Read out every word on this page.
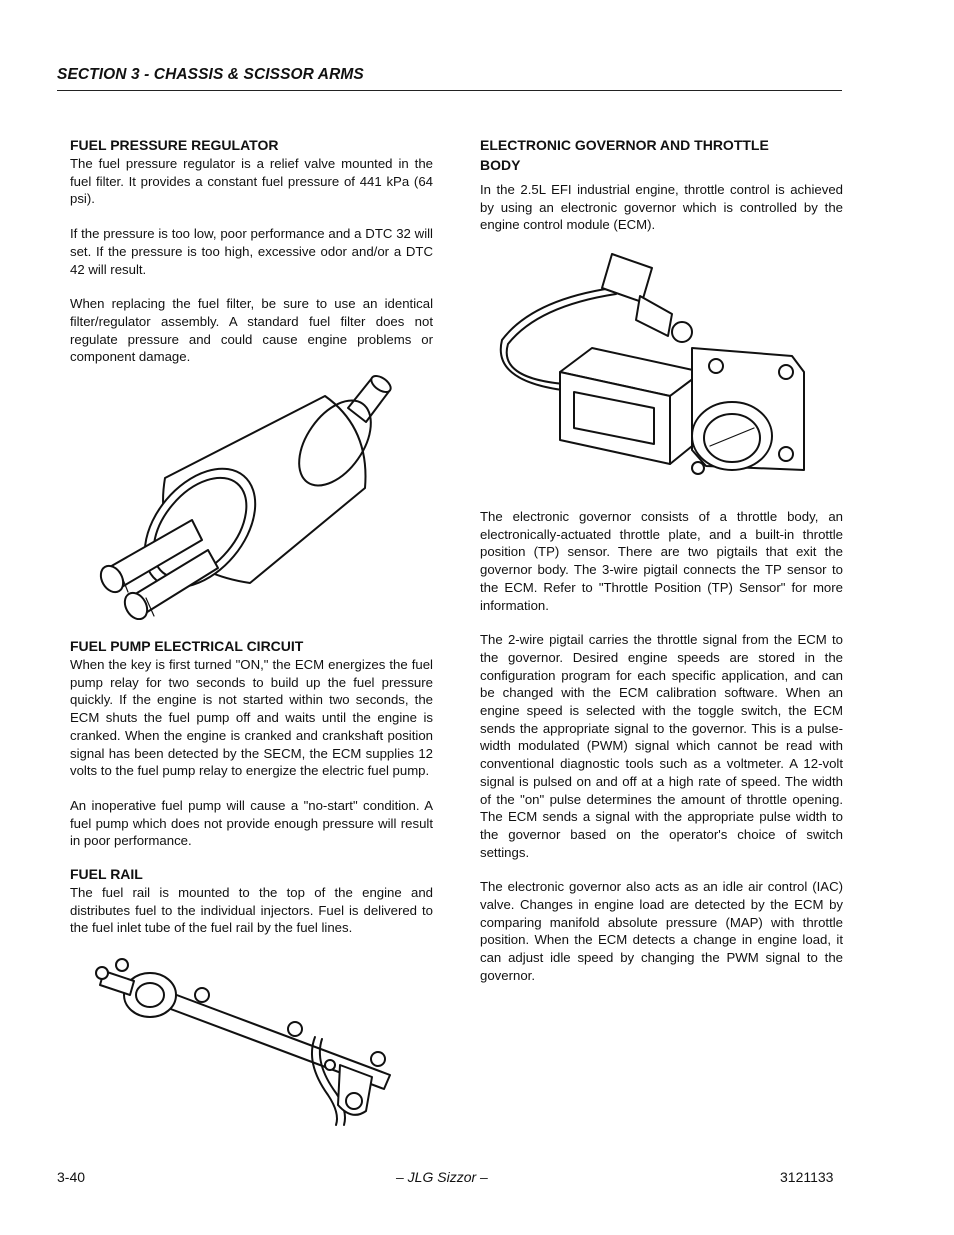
SECTION 3 - CHASSIS & SCISSOR ARMS
FUEL PRESSURE REGULATOR

The fuel pressure regulator is a relief valve mounted in the fuel filter. It provides a constant fuel pressure of 441 kPa (64 psi).

If the pressure is too low, poor performance and a DTC 32 will set. If the pressure is too high, excessive odor and/or a DTC 42 will result.

When replacing the fuel filter, be sure to use an identical filter/regulator assembly. A standard fuel filter does not regulate pressure and could cause engine problems or component damage.

FUEL PUMP ELECTRICAL CIRCUIT

When the key is first turned "ON," the ECM energizes the fuel pump relay for two seconds to build up the fuel pressure quickly. If the engine is not started within two seconds, the ECM shuts the fuel pump off and waits until the engine is cranked. When the engine is cranked and crankshaft position signal has been detected by the SECM, the ECM supplies 12 volts to the fuel pump relay to energize the electric fuel pump.

An inoperative fuel pump will cause a "no-start" condition. A fuel pump which does not provide enough pressure will result in poor performance.

FUEL RAIL

The fuel rail is mounted to the top of the engine and distributes fuel to the individual injectors. Fuel is delivered to the fuel inlet tube of the fuel rail by the fuel lines.

ELECTRONIC GOVERNOR AND THROTTLE BODY

In the 2.5L EFI industrial engine, throttle control is achieved by using an electronic governor which is controlled by the engine control module (ECM).

The electronic governor consists of a throttle body, an electronically-actuated throttle plate, and a built-in throttle position (TP) sensor. There are two pigtails that exit the governor body. The 3-wire pigtail connects the TP sensor to the ECM. Refer to "Throttle Position (TP) Sensor" for more information.

The 2-wire pigtail carries the throttle signal from the ECM to the governor. Desired engine speeds are stored in the configuration program for each specific application, and can be changed with the ECM calibration software. When an engine speed is selected with the toggle switch, the ECM sends the appropriate signal to the governor. This is a pulse-width modulated (PWM) signal which cannot be read with conventional diagnostic tools such as a voltmeter. A 12-volt signal is pulsed on and off at a high rate of speed. The width of the "on" pulse determines the amount of throttle opening. The ECM sends a signal with the appropriate pulse width to the governor based on the operator's choice of switch settings.

The electronic governor also acts as an idle air control (IAC) valve. Changes in engine load are detected by the ECM by comparing manifold absolute pressure (MAP) with throttle position. When the ECM detects a change in engine load, it can adjust idle speed by changing the PWM signal to the governor.

3-40	– JLG Sizzor –	3121133
